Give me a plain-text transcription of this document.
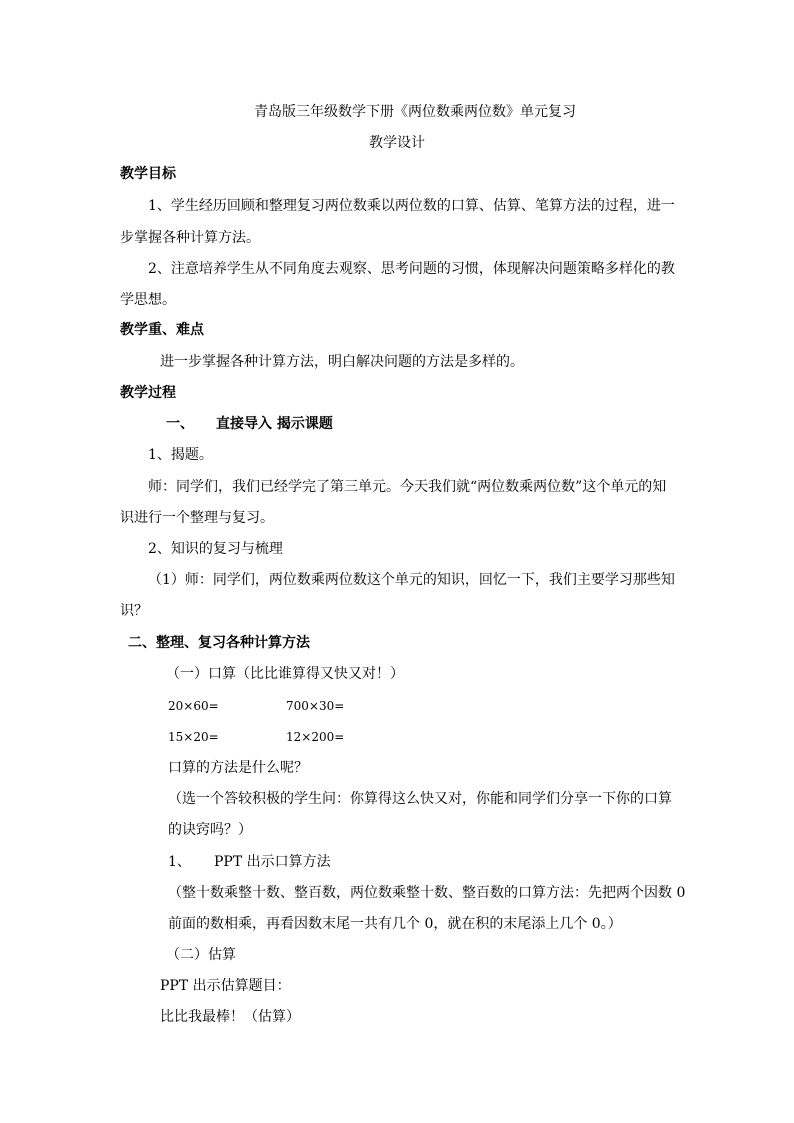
青岛版三年级数学下册《两位数乘两位数》单元复习
教学设计
教学目标
1、学生经历回顾和整理复习两位数乘以两位数的口算、估算、笔算方法的过程，进一
步掌握各种计算方法。
2、注意培养学生从不同角度去观察、思考问题的习惯，体现解决问题策略多样化的教
学思想。
教学重、难点
进一步掌握各种计算方法，明白解决问题的方法是多样的。
教学过程
一、 直接导入 揭示课题
1、揭题。
师：同学们，我们已经学完了第三单元。今天我们就“两位数乘两位数”这个单元的知
识进行一个整理与复习。
2、知识的复习与梳理
（1）师：同学们，两位数乘两位数这个单元的知识，回忆一下，我们主要学习那些知
识？
二、整理、复习各种计算方法
（一）口算（比比谁算得又快又对！）
20×60=	700×30=
15×20=	12×200=
口算的方法是什么呢？
（选一个答较积极的学生问：你算得这么快又对，你能和同学们分享一下你的口算
的诀窍吗？）
1、 PPT 出示口算方法
（整十数乘整十数、整百数，两位数乘整十数、整百数的口算方法：先把两个因数 0
前面的数相乘，再看因数末尾一共有几个 0，就在积的末尾添上几个 0。）
（二）估算
PPT 出示估算题目：
比比我最棒！（估算）
